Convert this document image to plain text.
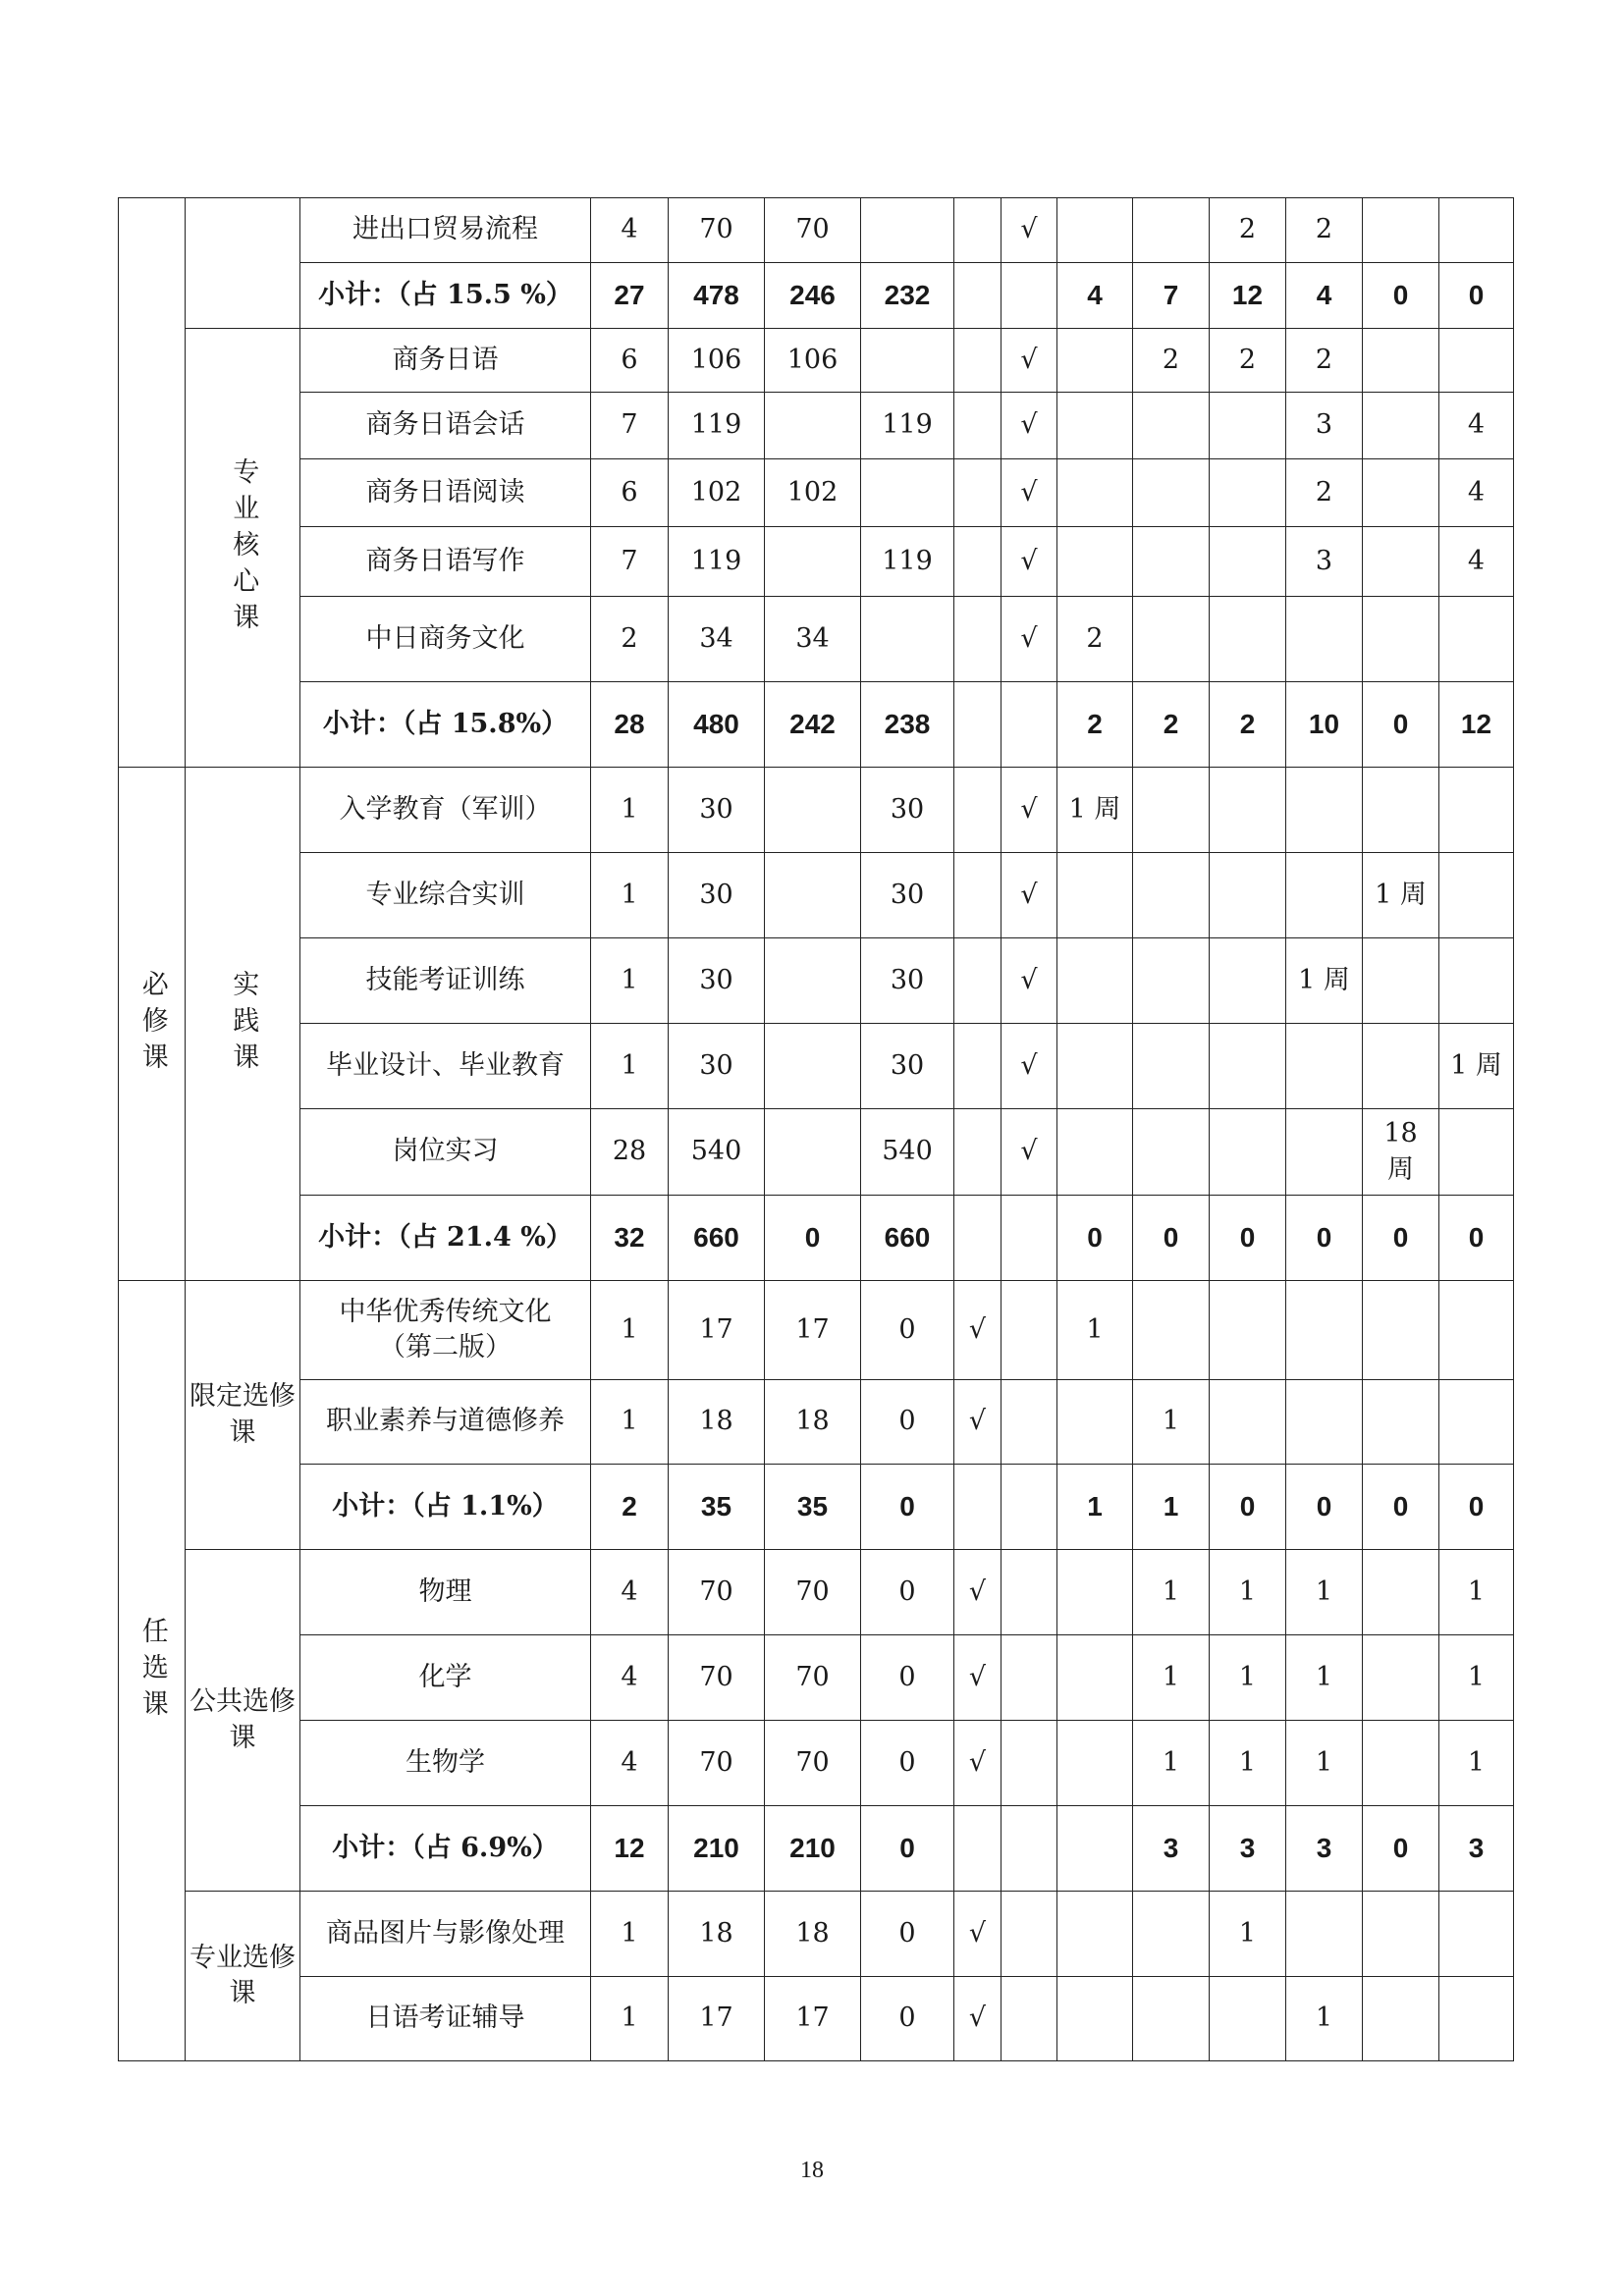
		进出口贸易流程	4	70	70			√			2	2		
		小计：（占 15.5 %）	27	478	246	232			4	7	12	4	0	0
	专业核心课	商务日语	6	106	106			√		2	2	2		
		商务日语会话	7	119		119		√				3		4
		商务日语阅读	6	102	102			√				2		4
		商务日语写作	7	119		119		√				3		4
		中日商务文化	2	34	34			√	2					
		小计：（占 15.8%）	28	480	242	238			2	2	2	10	0	12
必修课	实践课	入学教育（军训）	1	30		30		√	1 周					
		专业综合实训	1	30		30		√					1 周	
		技能考证训练	1	30		30		√				1 周		
		毕业设计、毕业教育	1	30		30		√						1 周
		岗位实习	28	540		540		√					18
周	
		小计：（占 21.4 %）	32	660	0	660			0	0	0	0	0	0
任选课	限定选修课	中华优秀传统文化
（第二版）	1	17	17	0	√		1					
		职业素养与道德修养	1	18	18	0	√			1				
		小计：（占 1.1%）	2	35	35	0			1	1	0	0	0	0
	公共选修课	物理	4	70	70	0	√			1	1	1		1
		化学	4	70	70	0	√			1	1	1		1
		生物学	4	70	70	0	√			1	1	1		1
		小计：（占 6.9%）	12	210	210	0				3	3	3	0	3
	专业选修课	商品图片与影像处理	1	18	18	0	√				1			
		日语考证辅导	1	17	17	0	√					1		
18
